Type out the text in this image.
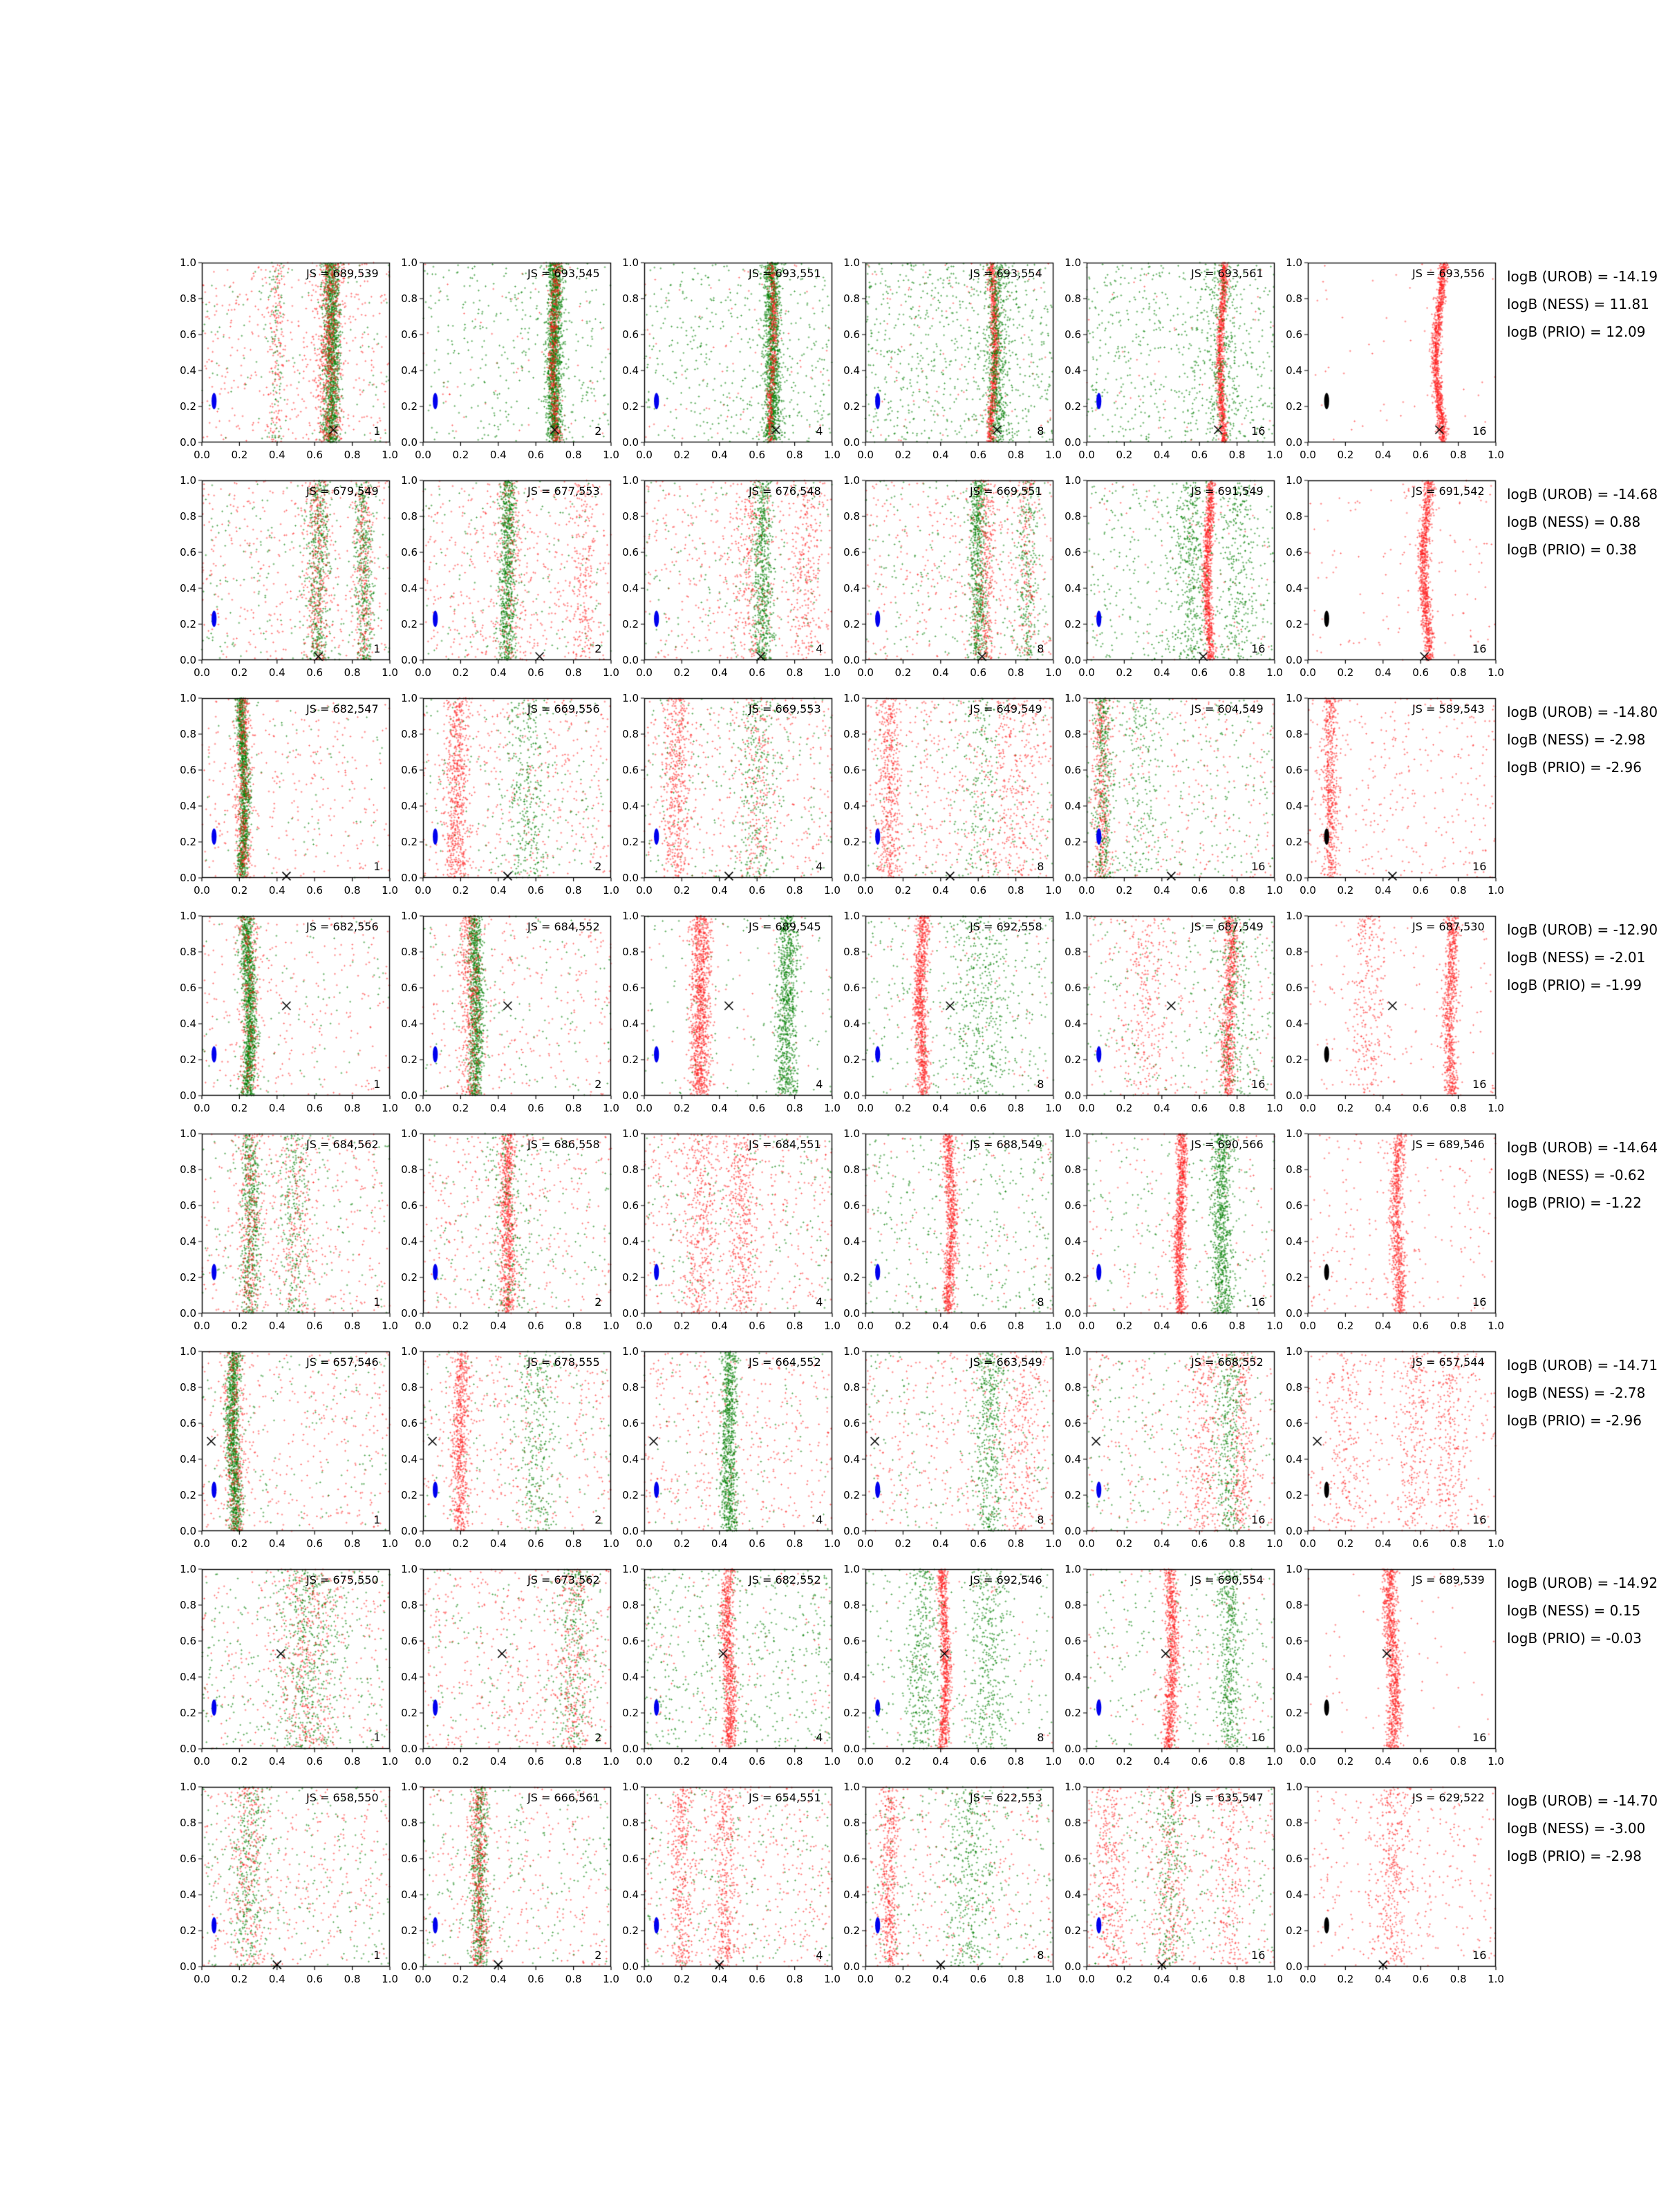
0.0
0.2
0.4
0.6
0.8
1.0
0.0	0.2	0.4	0.6	0.8	1.0
JS = 689,539
1
0.0
0.2
0.4
0.6
0.8
1.0
0.0	0.2	0.4	0.6	0.8	1.0
JS = 693,545
2
0.0
0.2
0.4
0.6
0.8
1.0
0.0	0.2	0.4	0.6	0.8	1.0
JS = 693,551
4
0.0
0.2
0.4
0.6
0.8
1.0
0.0	0.2	0.4	0.6	0.8	1.0
JS = 693,554
8
0.0
0.2
0.4
0.6
0.8
1.0
0.0	0.2	0.4	0.6	0.8	1.0
JS = 693,561
16
0.0
0.2
0.4
0.6
0.8
1.0
0.0	0.2	0.4	0.6	0.8	1.0
JS = 693,556
16
0.0
0.2
0.4
0.6
0.8
1.0
0.0	0.2	0.4	0.6	0.8	1.0
JS = 679,549
1
0.0
0.2
0.4
0.6
0.8
1.0
0.0	0.2	0.4	0.6	0.8	1.0
JS = 677,553
2
0.0
0.2
0.4
0.6
0.8
1.0
0.0	0.2	0.4	0.6	0.8	1.0
JS = 676,548
4
0.0
0.2
0.4
0.6
0.8
1.0
0.0	0.2	0.4	0.6	0.8	1.0
JS = 669,551
8
0.0
0.2
0.4
0.6
0.8
1.0
0.0	0.2	0.4	0.6	0.8	1.0
JS = 691,549
16
0.0
0.2
0.4
0.6
0.8
1.0
0.0	0.2	0.4	0.6	0.8	1.0
JS = 691,542
16
0.0
0.2
0.4
0.6
0.8
1.0
0.0	0.2	0.4	0.6	0.8	1.0
JS = 682,547
1
0.0
0.2
0.4
0.6
0.8
1.0
0.0	0.2	0.4	0.6	0.8	1.0
JS = 669,556
2
0.0
0.2
0.4
0.6
0.8
1.0
0.0	0.2	0.4	0.6	0.8	1.0
JS = 669,553
4
0.0
0.2
0.4
0.6
0.8
1.0
0.0	0.2	0.4	0.6	0.8	1.0
JS = 649,549
8
0.0
0.2
0.4
0.6
0.8
1.0
0.0	0.2	0.4	0.6	0.8	1.0
JS = 604,549
16
0.0
0.2
0.4
0.6
0.8
1.0
0.0	0.2	0.4	0.6	0.8	1.0
JS = 589,543
16
0.0
0.2
0.4
0.6
0.8
1.0
0.0	0.2	0.4	0.6	0.8	1.0
JS = 682,556
1
0.0
0.2
0.4
0.6
0.8
1.0
0.0	0.2	0.4	0.6	0.8	1.0
JS = 684,552
2
0.0
0.2
0.4
0.6
0.8
1.0
0.0	0.2	0.4	0.6	0.8	1.0
JS = 689,545
4
0.0
0.2
0.4
0.6
0.8
1.0
0.0	0.2	0.4	0.6	0.8	1.0
JS = 692,558
8
0.0
0.2
0.4
0.6
0.8
1.0
0.0	0.2	0.4	0.6	0.8	1.0
JS = 687,549
16
0.0
0.2
0.4
0.6
0.8
1.0
0.0	0.2	0.4	0.6	0.8	1.0
JS = 687,530
16
0.0
0.2
0.4
0.6
0.8
1.0
0.0	0.2	0.4	0.6	0.8	1.0
JS = 684,562
1
0.0
0.2
0.4
0.6
0.8
1.0
0.0	0.2	0.4	0.6	0.8	1.0
JS = 686,558
2
0.0
0.2
0.4
0.6
0.8
1.0
0.0	0.2	0.4	0.6	0.8	1.0
JS = 684,551
4
0.0
0.2
0.4
0.6
0.8
1.0
0.0	0.2	0.4	0.6	0.8	1.0
JS = 688,549
8
0.0
0.2
0.4
0.6
0.8
1.0
0.0	0.2	0.4	0.6	0.8	1.0
JS = 690,566
16
0.0
0.2
0.4
0.6
0.8
1.0
0.0	0.2	0.4	0.6	0.8	1.0
JS = 689,546
16
0.0
0.2
0.4
0.6
0.8
1.0
0.0	0.2	0.4	0.6	0.8	1.0
JS = 657,546
1
0.0
0.2
0.4
0.6
0.8
1.0
0.0	0.2	0.4	0.6	0.8	1.0
JS = 678,555
2
0.0
0.2
0.4
0.6
0.8
1.0
0.0	0.2	0.4	0.6	0.8	1.0
JS = 664,552
4
0.0
0.2
0.4
0.6
0.8
1.0
0.0	0.2	0.4	0.6	0.8	1.0
JS = 663,549
8
0.0
0.2
0.4
0.6
0.8
1.0
0.0	0.2	0.4	0.6	0.8	1.0
JS = 668,552
16
0.0
0.2
0.4
0.6
0.8
1.0
0.0	0.2	0.4	0.6	0.8	1.0
JS = 657,544
16
0.0
0.2
0.4
0.6
0.8
1.0
0.0	0.2	0.4	0.6	0.8	1.0
JS = 675,550
1
0.0
0.2
0.4
0.6
0.8
1.0
0.0	0.2	0.4	0.6	0.8	1.0
JS = 673,562
2
0.0
0.2
0.4
0.6
0.8
1.0
0.0	0.2	0.4	0.6	0.8	1.0
JS = 682,552
4
0.0
0.2
0.4
0.6
0.8
1.0
0.0	0.2	0.4	0.6	0.8	1.0
JS = 692,546
8
0.0
0.2
0.4
0.6
0.8
1.0
0.0	0.2	0.4	0.6	0.8	1.0
JS = 690,554
16
0.0
0.2
0.4
0.6
0.8
1.0
0.0	0.2	0.4	0.6	0.8	1.0
JS = 689,539
16
0.0
0.2
0.4
0.6
0.8
1.0
0.0	0.2	0.4	0.6	0.8	1.0
JS = 658,550
1
0.0
0.2
0.4
0.6
0.8
1.0
0.0	0.2	0.4	0.6	0.8	1.0
JS = 666,561
2
0.0
0.2
0.4
0.6
0.8
1.0
0.0	0.2	0.4	0.6	0.8	1.0
JS = 654,551
4
0.0
0.2
0.4
0.6
0.8
1.0
0.0	0.2	0.4	0.6	0.8	1.0
JS = 622,553
8
0.0
0.2
0.4
0.6
0.8
1.0
0.0	0.2	0.4	0.6	0.8	1.0
JS = 635,547
16
0.0
0.2
0.4
0.6
0.8
1.0
0.0	0.2	0.4	0.6	0.8	1.0
JS = 629,522
16
logB (UROB) = -14.19
logB (NESS) = 11.81
logB (PRIO) = 12.09
logB (UROB) = -14.68
logB (NESS) = 0.88
logB (PRIO) = 0.38
logB (UROB) = -14.80
logB (NESS) = -2.98
logB (PRIO) = -2.96
logB (UROB) = -12.90
logB (NESS) = -2.01
logB (PRIO) = -1.99
logB (UROB) = -14.64
logB (NESS) = -0.62
logB (PRIO) = -1.22
logB (UROB) = -14.71
logB (NESS) = -2.78
logB (PRIO) = -2.96
logB (UROB) = -14.92
logB (NESS) = 0.15
logB (PRIO) = -0.03
logB (UROB) = -14.70
logB (NESS) = -3.00
logB (PRIO) = -2.98
